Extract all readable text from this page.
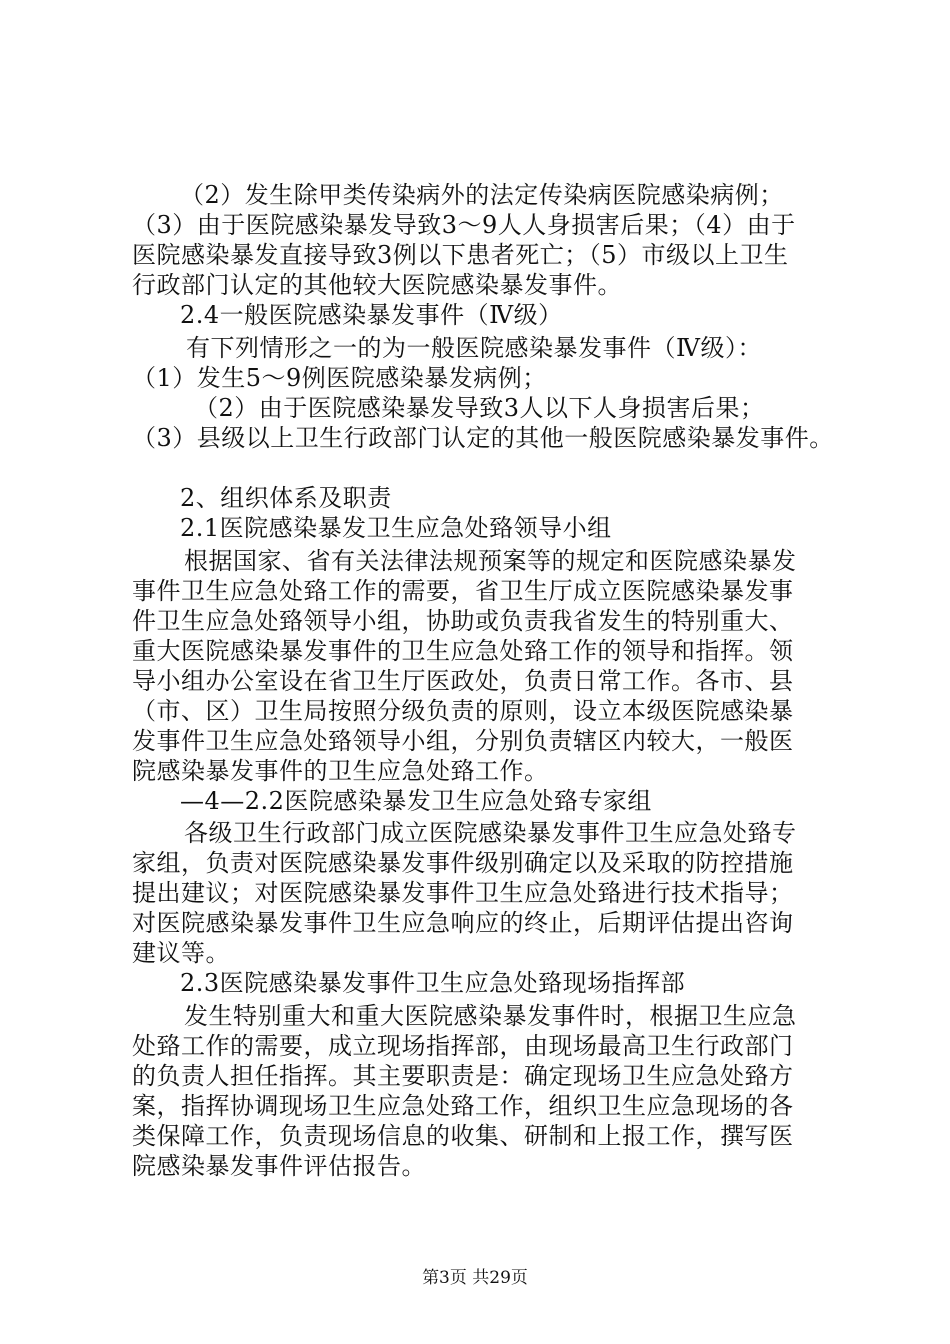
（2）发生除甲类传染病外的法定传染病医院感染病例；
（3）由于医院感染暴发导致3～9人人身损害后果；（4）由于
医院感染暴发直接导致3例以下患者死亡；（5）市级以上卫生
行政部门认定的其他较大医院感染暴发事件。
2.4一般医院感染暴发事件（Ⅳ级）
有下列情形之一的为一般医院感染暴发事件（Ⅳ级）：
（1）发生5～9例医院感染暴发病例；
（2）由于医院感染暴发导致3人以下人身损害后果；
（3）县级以上卫生行政部门认定的其他一般医院感染暴发事件。
2、组织体系及职责
2.1医院感染暴发卫生应急处臵领导小组
根据国家、省有关法律法规预案等的规定和医院感染暴发
事件卫生应急处臵工作的需要，省卫生厅成立医院感染暴发事
件卫生应急处臵领导小组，协助或负责我省发生的特别重大、
重大医院感染暴发事件的卫生应急处臵工作的领导和指挥。领
导小组办公室设在省卫生厅医政处，负责日常工作。各市、县
（市、区）卫生局按照分级负责的原则，设立本级医院感染暴
发事件卫生应急处臵领导小组，分别负责辖区内较大，一般医
院感染暴发事件的卫生应急处臵工作。
—4—2.2医院感染暴发卫生应急处臵专家组
各级卫生行政部门成立医院感染暴发事件卫生应急处臵专
家组，负责对医院感染暴发事件级别确定以及采取的防控措施
提出建议；对医院感染暴发事件卫生应急处臵进行技术指导；
对医院感染暴发事件卫生应急响应的终止，后期评估提出咨询
建议等。
2.3医院感染暴发事件卫生应急处臵现场指挥部
发生特别重大和重大医院感染暴发事件时，根据卫生应急
处臵工作的需要，成立现场指挥部，由现场最高卫生行政部门
的负责人担任指挥。其主要职责是：确定现场卫生应急处臵方
案，指挥协调现场卫生应急处臵工作，组织卫生应急现场的各
类保障工作，负责现场信息的收集、研制和上报工作，撰写医
院感染暴发事件评估报告。
第3页 共29页
